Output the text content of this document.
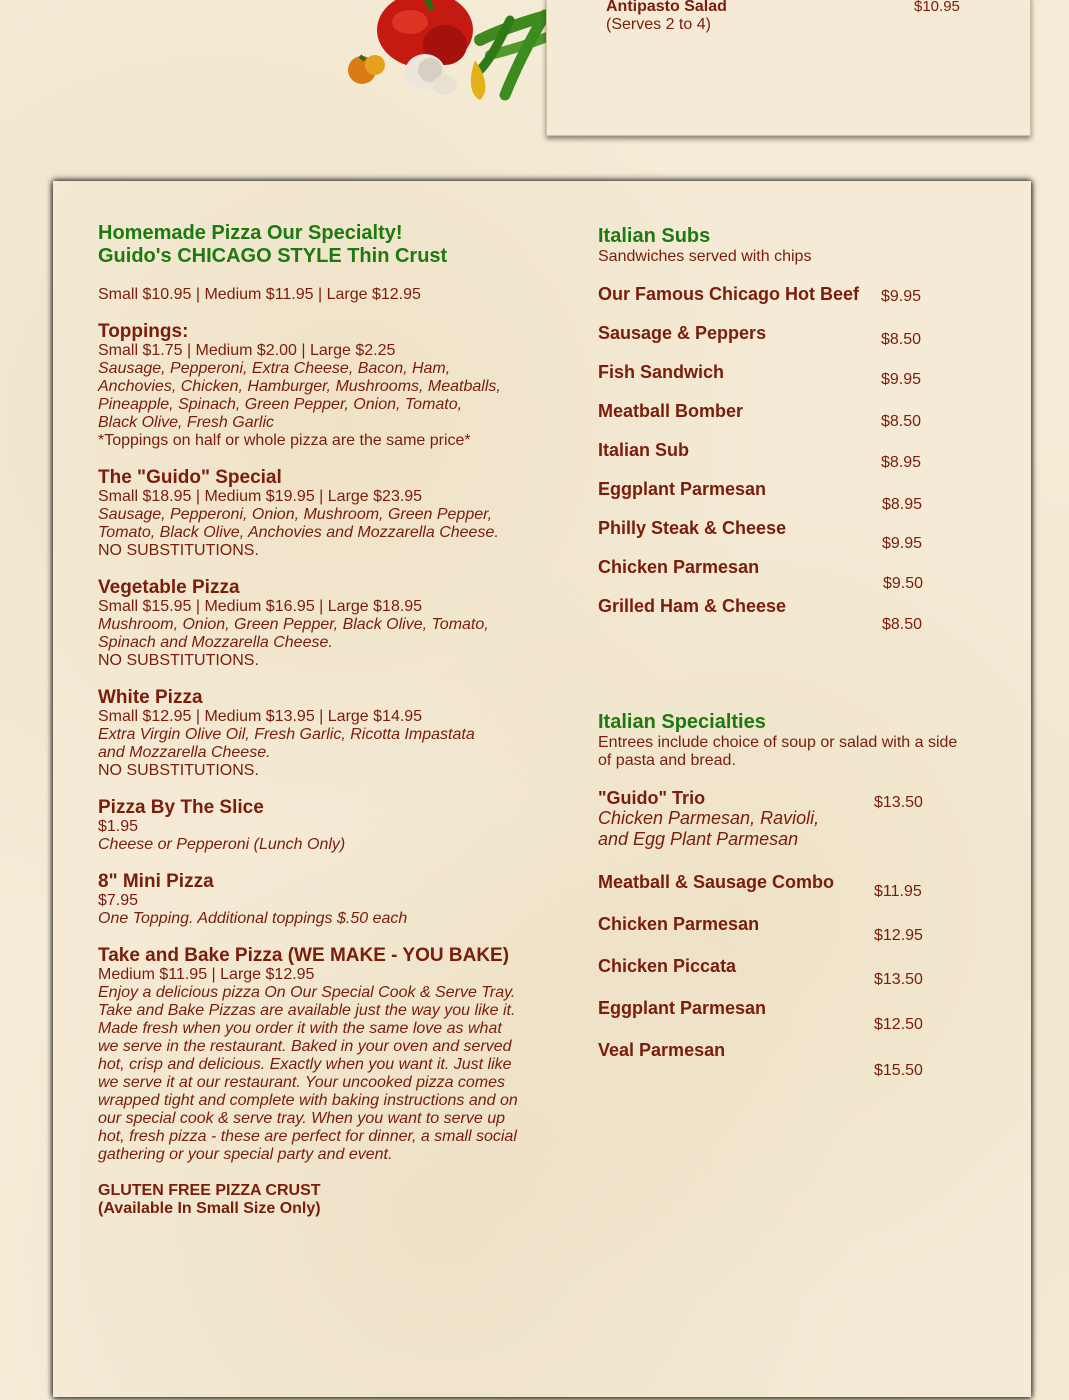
Antipasto Salad
(Serves 2 to 4)
$10.95

Homemade Pizza Our Specialty!

Guido's CHICAGO STYLE Thin Crust

Small $10.95 | Medium $11.95 | Large $12.95

Toppings:

Small $1.75 | Medium $2.00 | Large $2.25

Sausage, Pepperoni, Extra Cheese, Bacon, Ham,

Anchovies, Chicken, Hamburger, Mushrooms, Meatballs,

Pineapple, Spinach, Green Pepper, Onion, Tomato,

Black Olive, Fresh Garlic

*Toppings on half or whole pizza are the same price*

The "Guido" Special

Small $18.95 | Medium $19.95 | Large $23.95

Sausage, Pepperoni, Onion, Mushroom, Green Pepper,

Tomato, Black Olive, Anchovies and Mozzarella Cheese.

NO SUBSTITUTIONS.

Vegetable Pizza

Small $15.95 | Medium $16.95 | Large $18.95

Mushroom, Onion, Green Pepper, Black Olive, Tomato,

Spinach and Mozzarella Cheese.

NO SUBSTITUTIONS.

White Pizza

Small $12.95 | Medium $13.95 | Large $14.95

Extra Virgin Olive Oil, Fresh Garlic, Ricotta Impastata

and Mozzarella Cheese.

NO SUBSTITUTIONS.

Pizza By The Slice

$1.95

Cheese or Pepperoni (Lunch Only)

8" Mini Pizza

$7.95

One Topping. Additional toppings $.50 each

Take and Bake Pizza (WE MAKE - YOU BAKE)

Medium $11.95 | Large $12.95

Enjoy a delicious pizza On Our Special Cook & Serve Tray.

Take and Bake Pizzas are available just the way you like it.

Made fresh when you order it with the same love as what

we serve in the restaurant. Baked in your oven and served

hot, crisp and delicious. Exactly when you want it. Just like

we serve it at our restaurant. Your uncooked pizza comes

wrapped tight and complete with baking instructions and on

our special cook & serve tray. When you want to serve up

hot, fresh pizza - these are perfect for dinner, a small social

gathering or your special party and event.

GLUTEN FREE PIZZA CRUST

(Available In Small Size Only)

Italian Subs
Sandwiches served with chips
Our Famous Chicago Hot Beef $9.95
Sausage & Peppers	$8.50
Fish Sandwich	$9.95
Meatball Bomber
$8.50
Italian Sub
$8.95
Eggplant Parmesan
$8.95
Philly Steak & Cheese
$9.95
Chicken Parmesan
$9.50
Grilled Ham & Cheese
$8.50
Italian Specialties
Entrees include choice of soup or salad with a side
of pasta and bread.
"Guido" Trio	$13.50
Chicken Parmesan, Ravioli,
and Egg Plant Parmesan
Meatball & Sausage Combo $11.95
Chicken Parmesan
$12.95
Chicken Piccata
$13.50
Eggplant Parmesan
$12.50
Veal Parmesan
$15.50
